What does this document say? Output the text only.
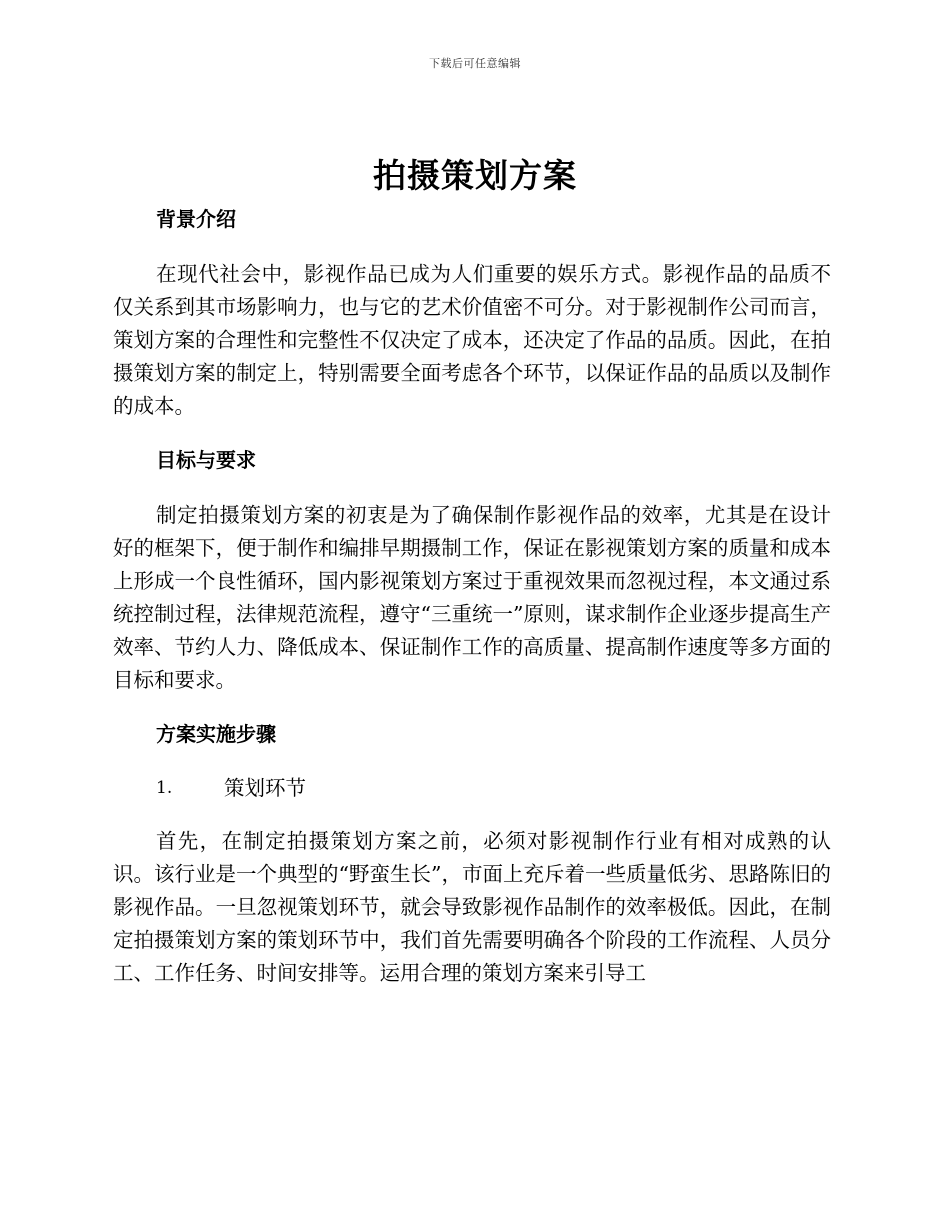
下载后可任意编辑
拍摄策划方案
背景介绍

在现代社会中，影视作品已成为人们重要的娱乐方式。影视作品的品质不仅关系到其市场影响力，也与它的艺术价值密不可分。对于影视制作公司而言，策划方案的合理性和完整性不仅决定了成本，还决定了作品的品质。因此，在拍摄策划方案的制定上，特别需要全面考虑各个环节，以保证作品的品质以及制作的成本。

目标与要求

制定拍摄策划方案的初衷是为了确保制作影视作品的效率，尤其是在设计好的框架下，便于制作和编排早期摄制工作，保证在影视策划方案的质量和成本上形成一个良性循环，国内影视策划方案过于重视效果而忽视过程，本文通过系统控制过程，法律规范流程，遵守“三重统一”原则，谋求制作企业逐步提高生产效率、节约人力、降低成本、保证制作工作的高质量、提高制作速度等多方面的目标和要求。

方案实施步骤
1.	策划环节

首先，在制定拍摄策划方案之前，必须对影视制作行业有相对成熟的认识。该行业是一个典型的“野蛮生长”，市面上充斥着一些质量低劣、思路陈旧的影视作品。一旦忽视策划环节，就会导致影视作品制作的效率极低。因此，在制定拍摄策划方案的策划环节中，我们首先需要明确各个阶段的工作流程、人员分工、工作任务、时间安排等。运用合理的策划方案来引导工
